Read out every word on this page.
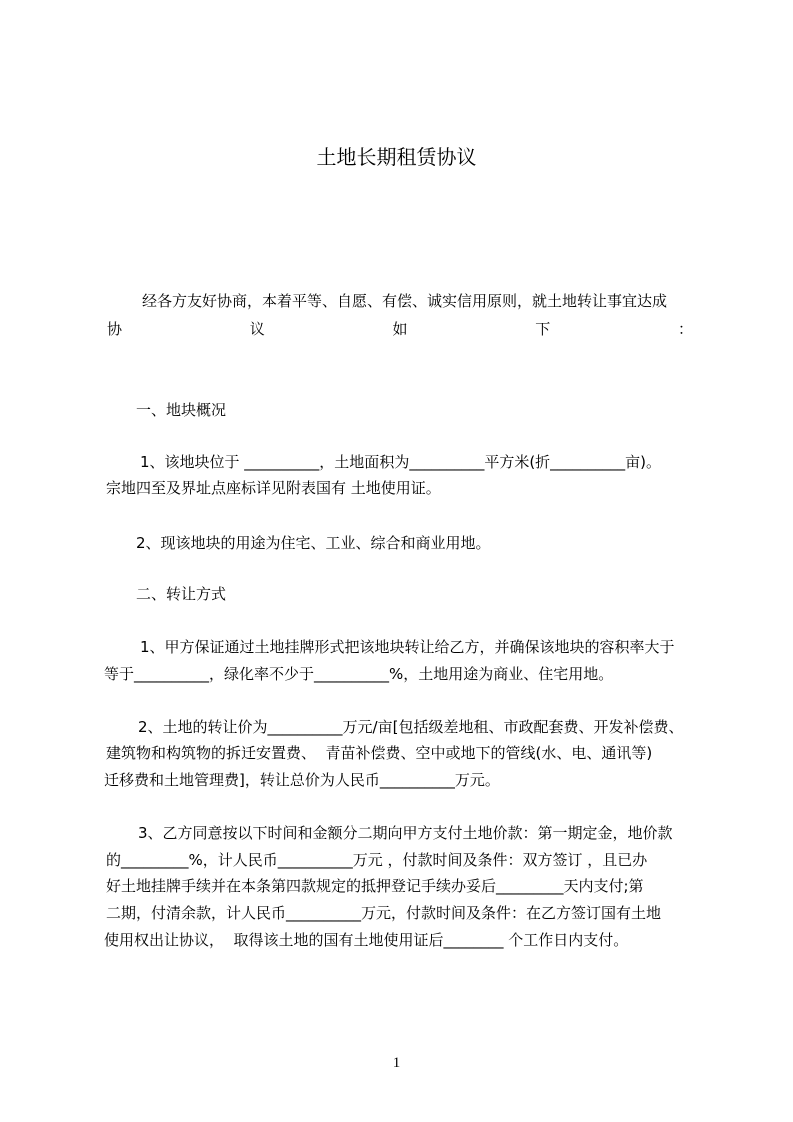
土地长期租赁协议
经各方友好协商，本着平等、自愿、有偿、诚实信用原则，就土地转让事宜达成
协	议	如	下	：
一、地块概况
1、该地块位于 __________，土地面积为__________平方米(折__________亩)。
宗地四至及界址点座标详见附表国有 土地使用证。
2、现该地块的用途为住宅、工业、综合和商业用地。
二、转让方式
1、甲方保证通过土地挂牌形式把该地块转让给乙方，并确保该地块的容积率大于
等于__________，绿化率不少于__________%，土地用途为商业、住宅用地。
2、土地的转让价为__________万元/亩[包括级差地租、市政配套费、开发补偿费、
建筑物和构筑物的拆迁安置费、  青苗补偿费、空中或地下的管线(水、电、通讯等)
迁移费和土地管理费]，转让总价为人民币__________万元。
3、乙方同意按以下时间和金额分二期向甲方支付土地价款：第一期定金，地价款
的_________%，计人民币__________万元 ，付款时间及条件：双方签订 ，且已办
好土地挂牌手续并在本条第四款规定的抵押登记手续办妥后_________天内支付;第
二期，付清余款，计人民币__________万元，付款时间及条件：在乙方签订国有土地
使用权出让协议，  取得该土地的国有土地使用证后________ 个工作日内支付。
1
